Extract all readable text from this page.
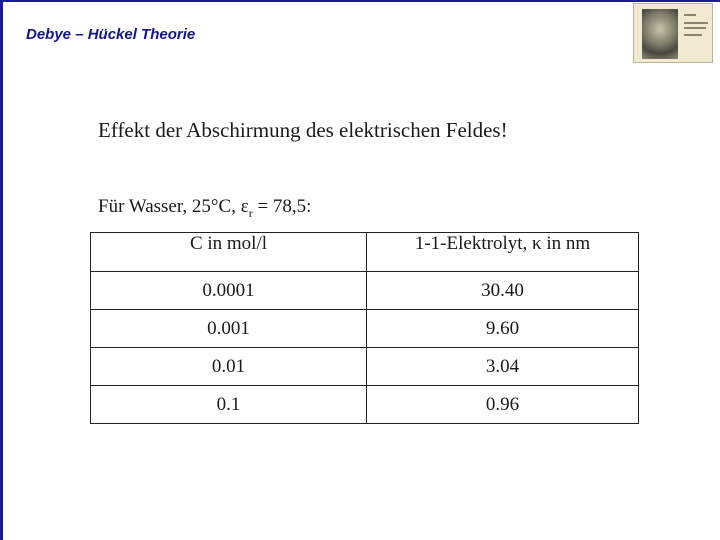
Debye – Hückel Theorie
Effekt der Abschirmung des elektrischen Feldes!
Für Wasser, 25°C, $\varepsilon_r = 78,5$:
C in mol/l	1-1-Elektrolyt, κ in nm
0.0001	30.40
0.001	9.60
0.01	3.04
0.1	0.96
